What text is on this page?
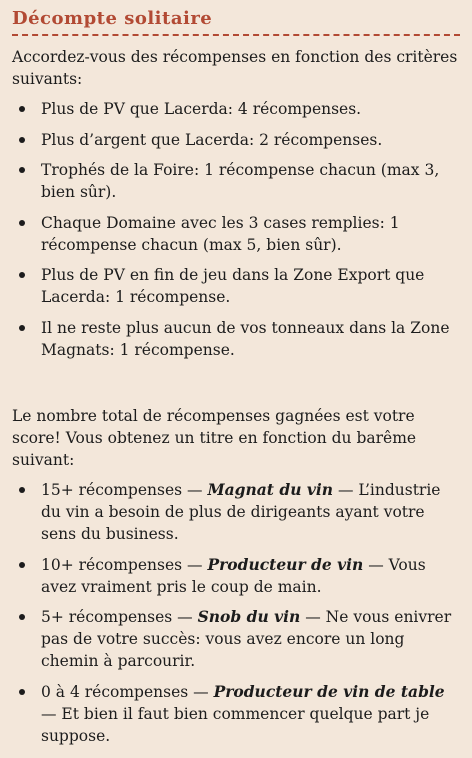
Décompte solitaire

Accordez-vous des récompenses en fonction des critères suivants:

Plus de PV que Lacerda: 4 récompenses.
Plus d’argent que Lacerda: 2 récompenses.
Trophés de la Foire: 1 récompense chacun (max 3, bien sûr).
Chaque Domaine avec les 3 cases remplies: 1 récompense chacun (max 5, bien sûr).
Plus de PV en fin de jeu dans la Zone Export que Lacerda: 1 récompense.
Il ne reste plus aucun de vos tonneaux dans la Zone Magnats: 1 récompense.

Le nombre total de récompenses gagnées est votre score! Vous obtenez un titre en fonction du barême suivant:

15+ récompenses — Magnat du vin — L’industrie du vin a besoin de plus de dirigeants ayant votre sens du business.
10+ récompenses — Producteur de vin — Vous avez vraiment pris le coup de main.
5+ récompenses — Snob du vin — Ne vous enivrer pas de votre succès: vous avez encore un long chemin à parcourir.
0 à 4 récompenses — Producteur de vin de table — Et bien il faut bien commencer quelque part je suppose.
